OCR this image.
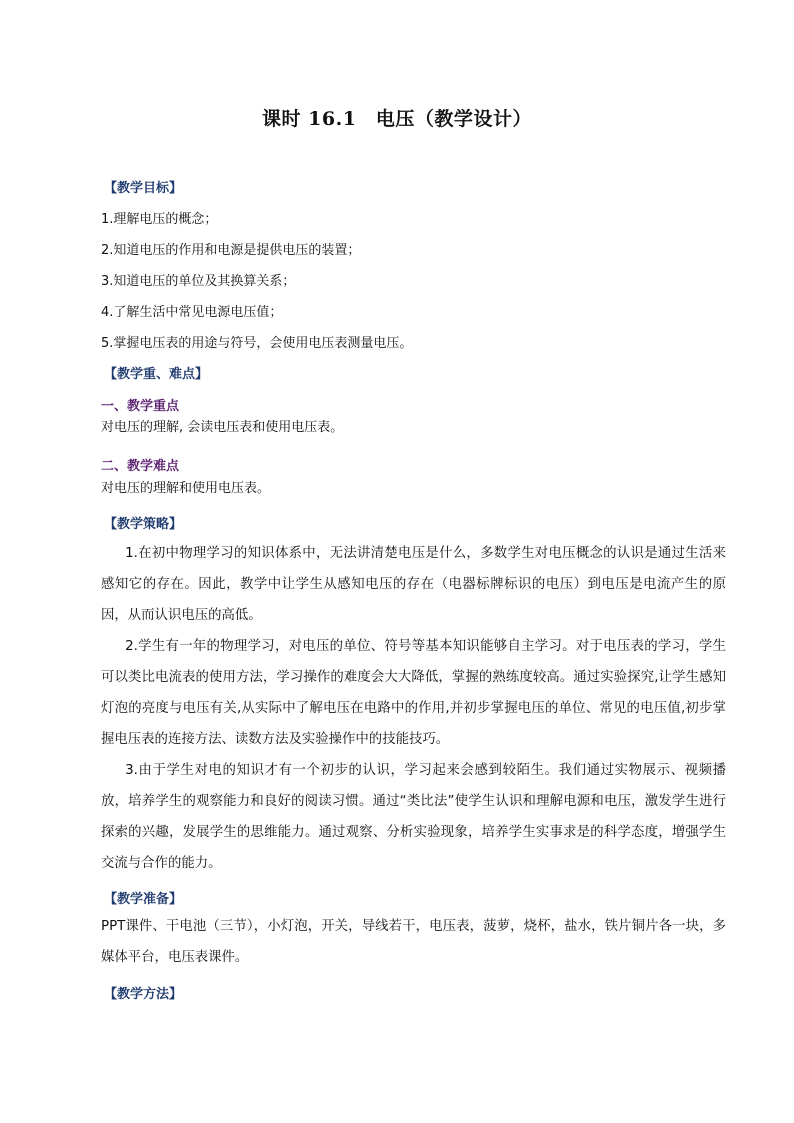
课时 16.1　电压（教学设计）
【教学目标】
1.理解电压的概念；
2.知道电压的作用和电源是提供电压的装置；
3.知道电压的单位及其换算关系；
4.了解生活中常见电源电压值；
5.掌握电压表的用途与符号，会使用电压表测量电压。
【教学重、难点】
一、教学重点
对电压的理解, 会读电压表和使用电压表。
二、教学难点
对电压的理解和使用电压表。
【教学策略】
1.在初中物理学习的知识体系中，无法讲清楚电压是什么，多数学生对电压概念的认识是通过生活来感知它的存在。因此，教学中让学生从感知电压的存在（电器标牌标识的电压）到电压是电流产生的原因，从而认识电压的高低。
2.学生有一年的物理学习，对电压的单位、符号等基本知识能够自主学习。对于电压表的学习，学生可以类比电流表的使用方法，学习操作的难度会大大降低，掌握的熟练度较高。通过实验探究,让学生感知灯泡的亮度与电压有关,从实际中了解电压在电路中的作用,并初步掌握电压的单位、常见的电压值,初步掌握电压表的连接方法、读数方法及实验操作中的技能技巧。
3.由于学生对电的知识才有一个初步的认识，学习起来会感到较陌生。我们通过实物展示、视频播放，培养学生的观察能力和良好的阅读习惯。通过“类比法”使学生认识和理解电源和电压，激发学生进行探索的兴趣，发展学生的思维能力。通过观察、分析实验现象，培养学生实事求是的科学态度，增强学生交流与合作的能力。
【教学准备】
PPT课件、干电池（三节），小灯泡，开关，导线若干，电压表，菠萝，烧杯，盐水，铁片铜片各一块，多媒体平台，电压表课件。
【教学方法】
